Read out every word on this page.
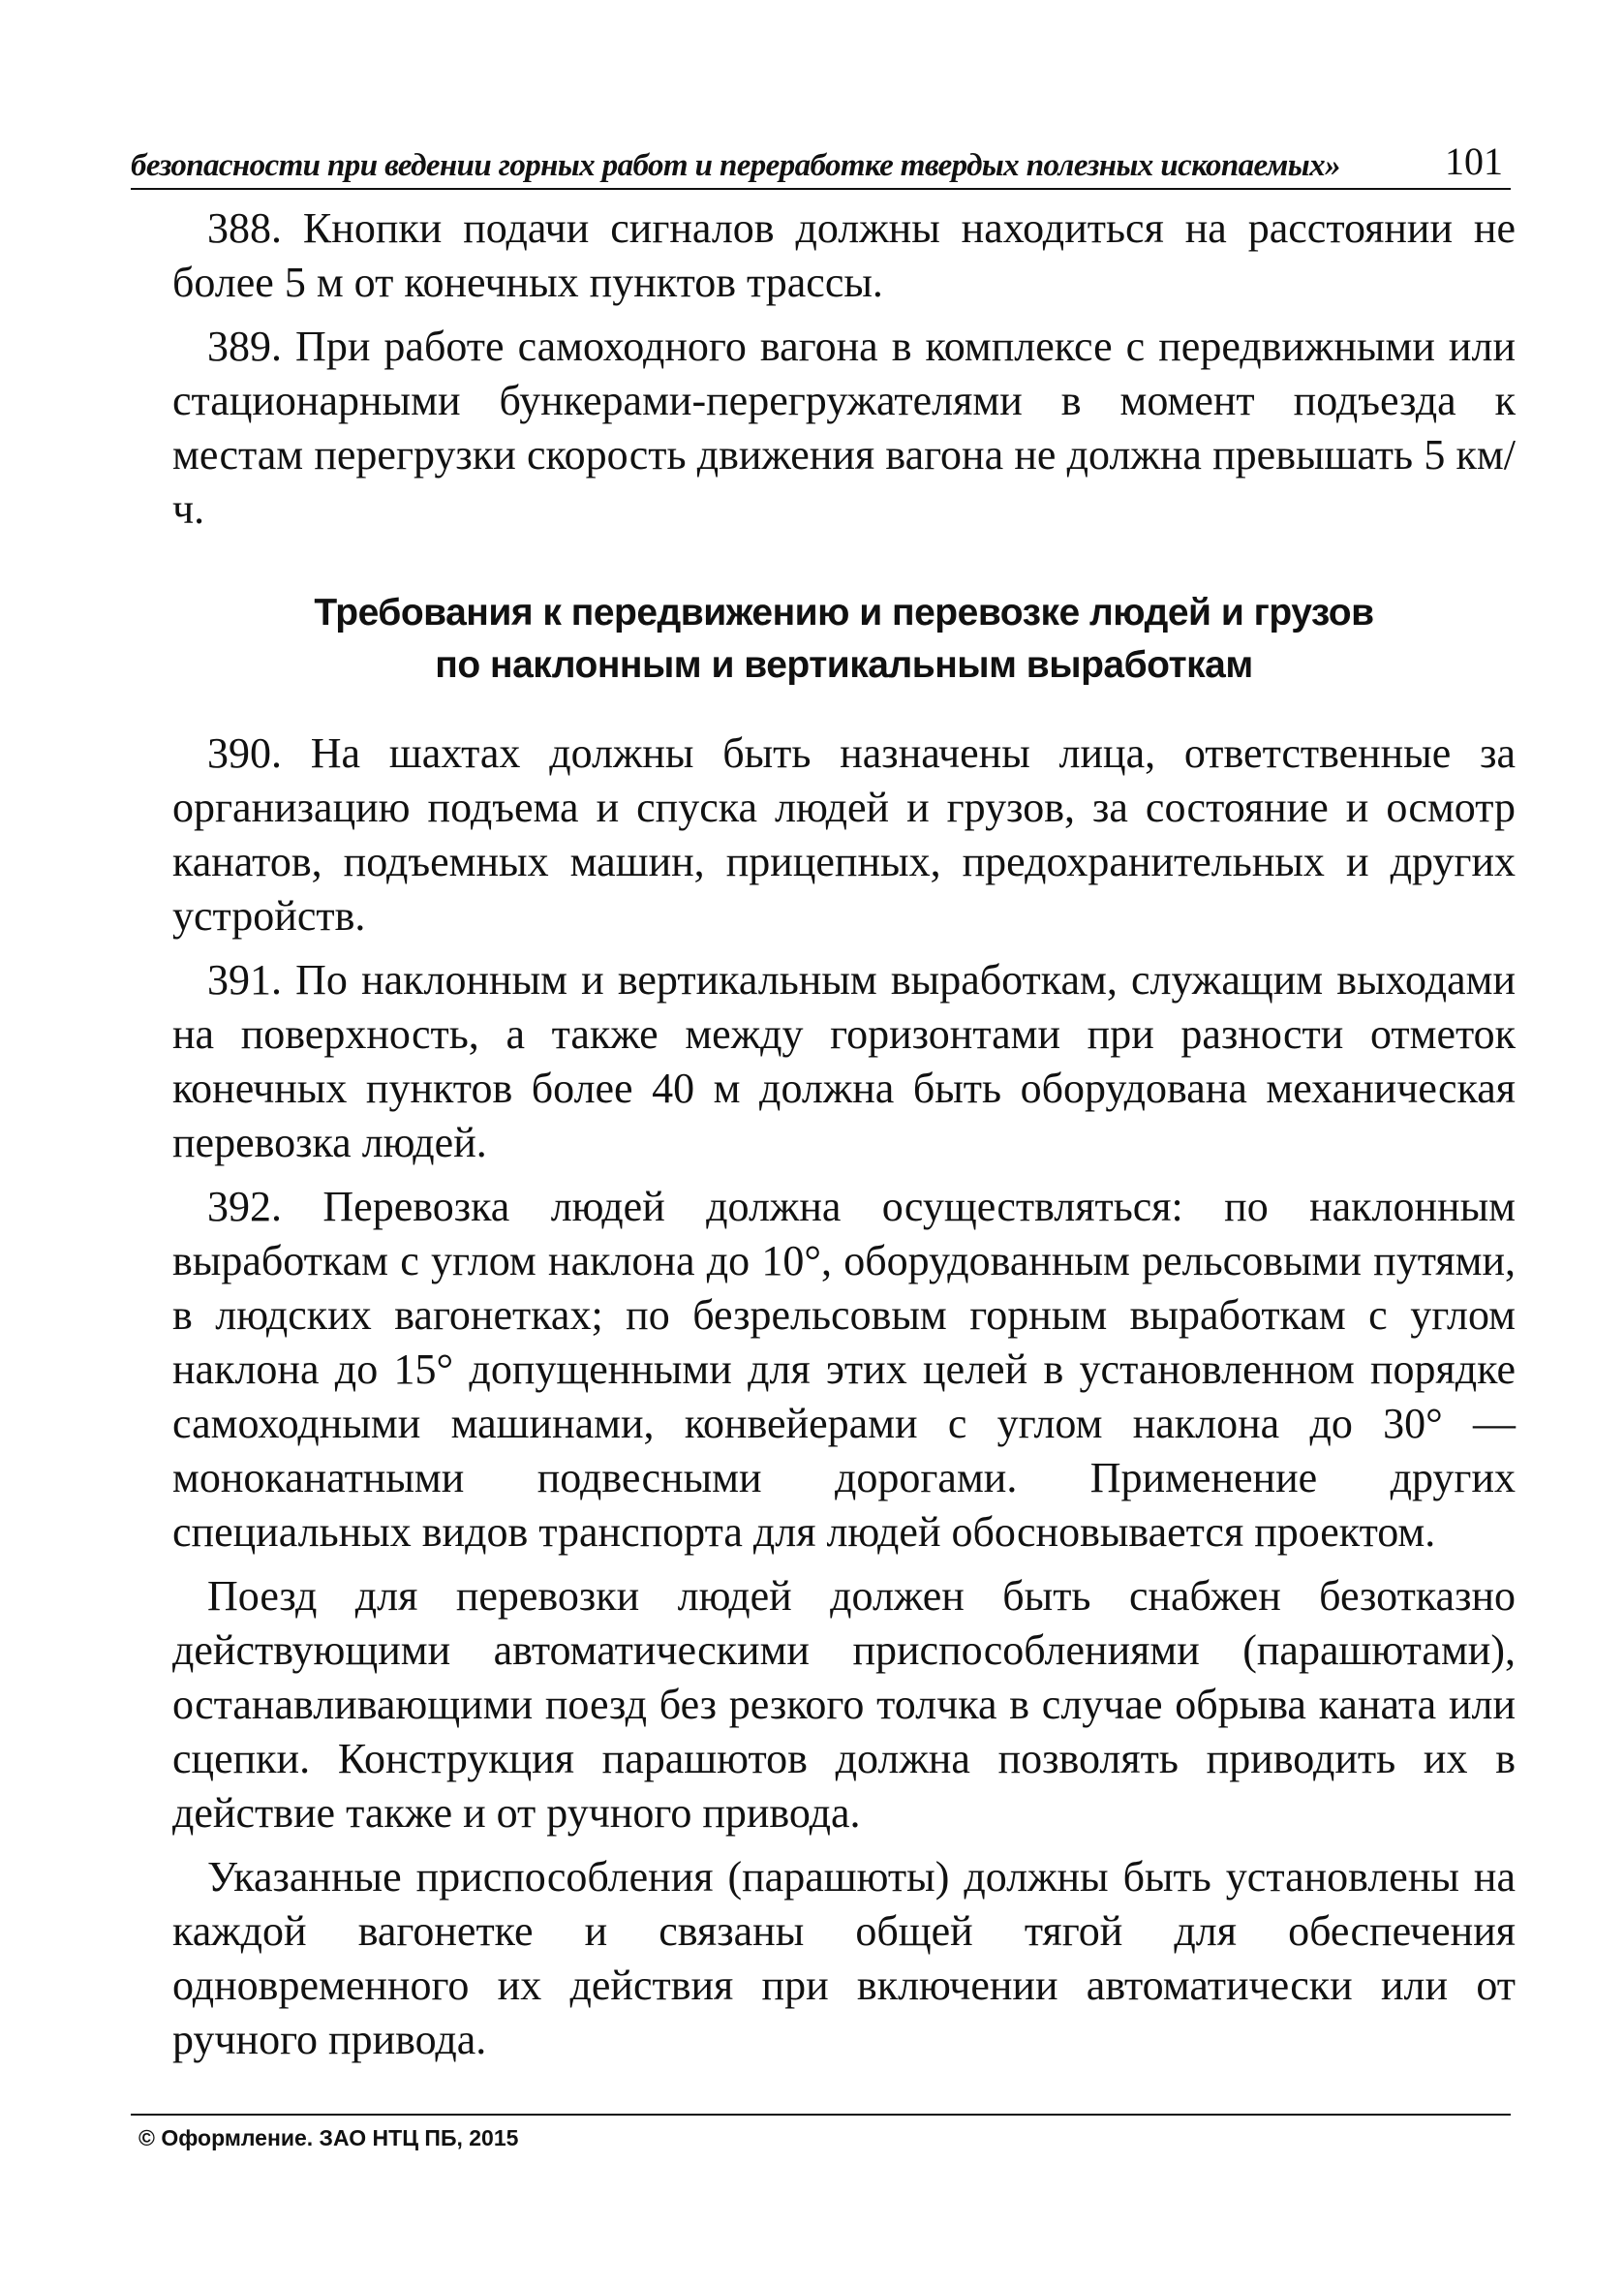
безопасности при ведении горных работ и переработке твердых полезных ископаемых»	101

388. Кнопки подачи сигналов должны находиться на расстоянии не более 5 м от конечных пунктов трассы.

389. При работе самоходного вагона в комплексе с передвижными или стационарными бункерами-перегружателями в момент подъезда к местам перегрузки скорость движения вагона не должна превышать 5 км/ч.

Требования к передвижению и перевозке людей и грузов
по наклонным и вертикальным выработкам

390. На шахтах должны быть назначены лица, ответственные за организацию подъема и спуска людей и грузов, за состояние и осмотр канатов, подъемных машин, прицепных, предохранительных и других устройств.

391. По наклонным и вертикальным выработкам, служащим выходами на поверхность, а также между горизонтами при разности отметок конечных пунктов более 40 м должна быть оборудована механическая перевозка людей.

392. Перевозка людей должна осуществляться: по наклонным выработкам с углом наклона до 10°, оборудованным рельсовыми путями, в людских вагонетках; по безрельсовым горным выработкам с углом наклона до 15° допущенными для этих целей в установленном порядке самоходными машинами, конвейерами с углом наклона до 30° — моноканатными подвесными дорогами. Применение других специальных видов транспорта для людей обосновывается проектом.

Поезд для перевозки людей должен быть снабжен безотказно действующими автоматическими приспособлениями (парашютами), останавливающими поезд без резкого толчка в случае обрыва каната или сцепки. Конструкция парашютов должна позволять приводить их в действие также и от ручного привода.

Указанные приспособления (парашюты) должны быть установлены на каждой вагонетке и связаны общей тягой для обеспечения одновременного их действия при включении автоматически или от ручного привода.

© Оформление. ЗАО НТЦ ПБ, 2015
